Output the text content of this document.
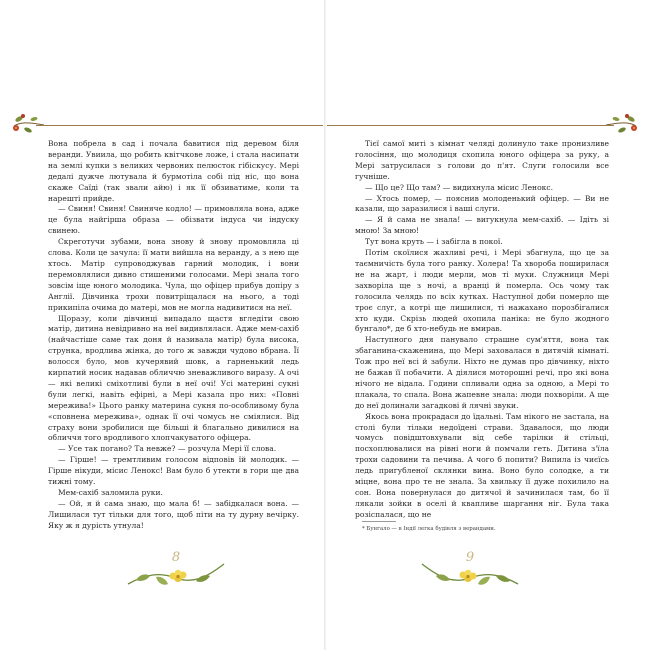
Вона побрела в сад і почала бавитися під деревом біля веранди. Увиила, що робить квітчкове ложе, і стала насипати на землі купки з великих червоних пелюсток гібіскусу. Мері дедалі дужче лютувала й бурмотіла собі під ніс, що вона скаже Саїді (так звали айю) і як її обзиватиме, коли та нарешті прийде.

— Свиня! Свиня! Свиняче кодло! — примовляла вона, адже це була найгірша образа — обізвати індуса чи індуску свинею.

Скреготучи зубами, вона знову й знову промовляла ці слова. Коли це зачула: її мати вийшла на веранду, а з нею ще хтось. Матір супроводжував гарний молодик, і вони перемовлялися дивно стишеними голосами. Мері знала того зовсім іще юного молодика. Чула, що офіцер прибув допіру з Англії. Дівчинка трохи повитріщалася на нього, а тоді прикипіла очима до матері, мов не могла надивитися на неї.

Щоразу, коли дівчинці випадало щастя вгледіти свою матір, дитина невідривно на неї видивлялася. Адже мем-сахіб (найчастіше саме так доня й називала матір) була висока, струнка, вродлива жінка, до того ж завжди чудово вбрана. Її волосся було, мов кучерявий шовк, а гарненький ледь кирпатий носик надавав обличчю зневажливого виразу. А очі — які великі сміхотливі були в неї очі! Усі материні сукні були легкі, навіть ефірні, а Мері казала про них: «Повні мережива!» Цього ранку материна сукня по-особливому була «сповнена мережива», однак її очі чомусь не сміялися. Від страху вони зробилися ще більші й благально дивилися на обличчя того вродливого хлопчакуватого офіцера.

— Усе так погано? Та невже? — розчула Мері її слова.

— Гірше! — тремтливим голосом відповів їй молодик. — Гірше нікуди, місис Ленокс! Вам було б утекти в гори ще два тижні тому.

Мем-сахіб заломила руки.

— Ой, я й сама знаю, що мала б! — забідкалася вона. — Лишилася тут тільки для того, щоб піти на ту дурну вечірку. Яку ж я дурість утнула!

8

Тієї самої миті з кімнат челяді долинуло таке пронизливе голосіння, що молодиця схопила юного офіцера за руку, а Мері затрусилася з голови до п'ят. Слуги голосили все гучніше.

— Що це? Що там? — видихнула місис Ленокс.

— Хтось помер, — пояснив молоденький офіцер. — Ви не казали, що заразилися і ваші слуги.

— Я й сама не знала! — вигукнула мем-сахіб. — Ідіть зі мною! За мною!

Тут вона круть — і забігла в покої.

Потім скоїлися жахливі речі, і Мері збагнула, що це за таємничість була того ранку. Холера! Та хвороба поширилася не на жарт, і люди мерли, мов ті мухи. Служниця Мері захворіла ще з ночі, а вранці й померла. Ось чому так голосила челядь по всіх кутках. Наступної доби померло ще троє слуг, а котрі ще лишилися, ті нажахано порозбігалися хто куди. Скрізь людей охопила паніка: не було жодного бунгало*, де б хто-небудь не вмирав.

Наступного дня панувало страшне сум'яття, вона так збаганина-скаженина, що Мері заховалася в дитячій кімнаті. Тож про неї всі й забули. Ніхто не думав про дівчинку, ніхто не бажав її побачити. А діялися моторошні речі, про які вона нічого не відала. Години спливали одна за одною, а Мері то плакала, то спала. Вона жапевне знала: люди похворіли. А ще до неї долинали загадкові й лячні звуки.

Якось вона прокрадася до їдальні. Там нікого не застала, на столі були тільки недоїдені страви. Здавалося, що люди чомусь повідштовхували від себе тарілки й стільці, посхоплювалися на рівні ноги й помчали геть. Дитина з'їла трохи садовини та печива. А чого б попити? Випила із чиєїсь ледь пригубленої склянки вина. Воно було солодке, а ти міцне, вона про те не знала. За хвильку її дуже похилило на сон. Вона повернулася до дитячої й зачинилася там, бо її лякали зойки в оселі й квапливе шаргання ніг. Була така розіспалася, що не

* Бунгало — в Індії легка будівля з верандами.
9
